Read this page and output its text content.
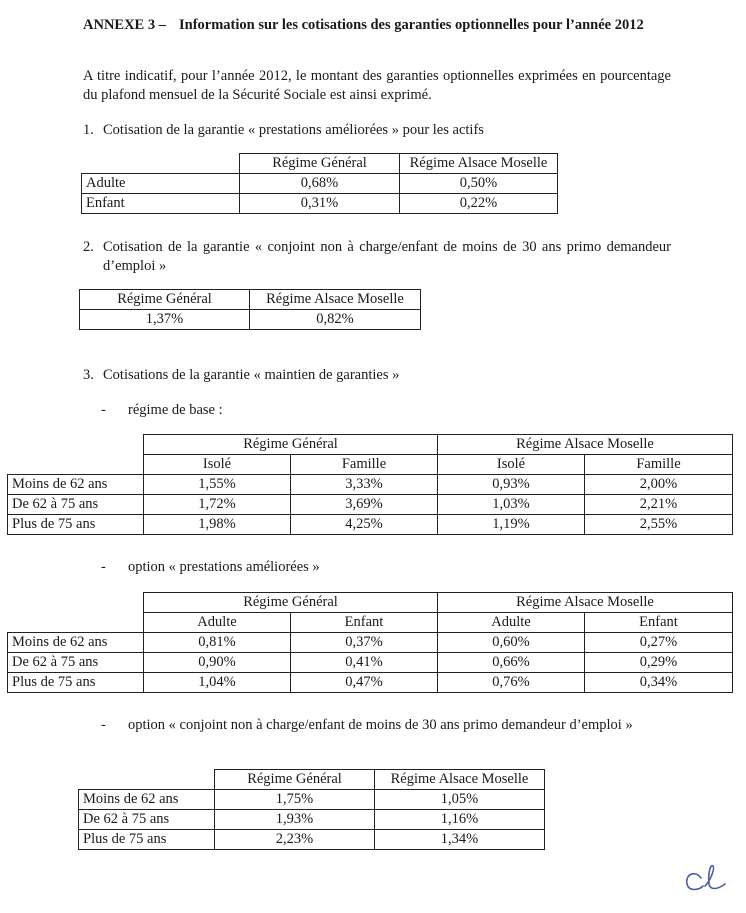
ANNEXE 3 – Information sur les cotisations des garanties optionnelles pour l’année 2012
A titre indicatif, pour l’année 2012, le montant des garanties optionnelles exprimées en pourcentage du plafond mensuel de la Sécurité Sociale est ainsi exprimé.
1. Cotisation de la garantie « prestations améliorées » pour les actifs
	Régime Général	Régime Alsace Moselle
Adulte	0,68%	0,50%
Enfant	0,31%	0,22%
2. Cotisation de la garantie « conjoint non à charge/enfant de moins de 30 ans primo demandeur d’emploi »
Régime Général	Régime Alsace Moselle
1,37%	0,82%
3. Cotisations de la garantie « maintien de garanties »
- régime de base :
	Régime Général		Régime Alsace Moselle	
	Isolé	Famille	Isolé	Famille
Moins de 62 ans	1,55%	3,33%	0,93%	2,00%
De 62 à 75 ans	1,72%	3,69%	1,03%	2,21%
Plus de 75 ans	1,98%	4,25%	1,19%	2,55%
- option « prestations améliorées »
	Régime Général		Régime Alsace Moselle	
	Adulte	Enfant	Adulte	Enfant
Moins de 62 ans	0,81%	0,37%	0,60%	0,27%
De 62 à 75 ans	0,90%	0,41%	0,66%	0,29%
Plus de 75 ans	1,04%	0,47%	0,76%	0,34%
- option « conjoint non à charge/enfant de moins de 30 ans primo demandeur d’emploi »
	Régime Général	Régime Alsace Moselle
Moins de 62 ans	1,75%	1,05%
De 62 à 75 ans	1,93%	1,16%
Plus de 75 ans	2,23%	1,34%
